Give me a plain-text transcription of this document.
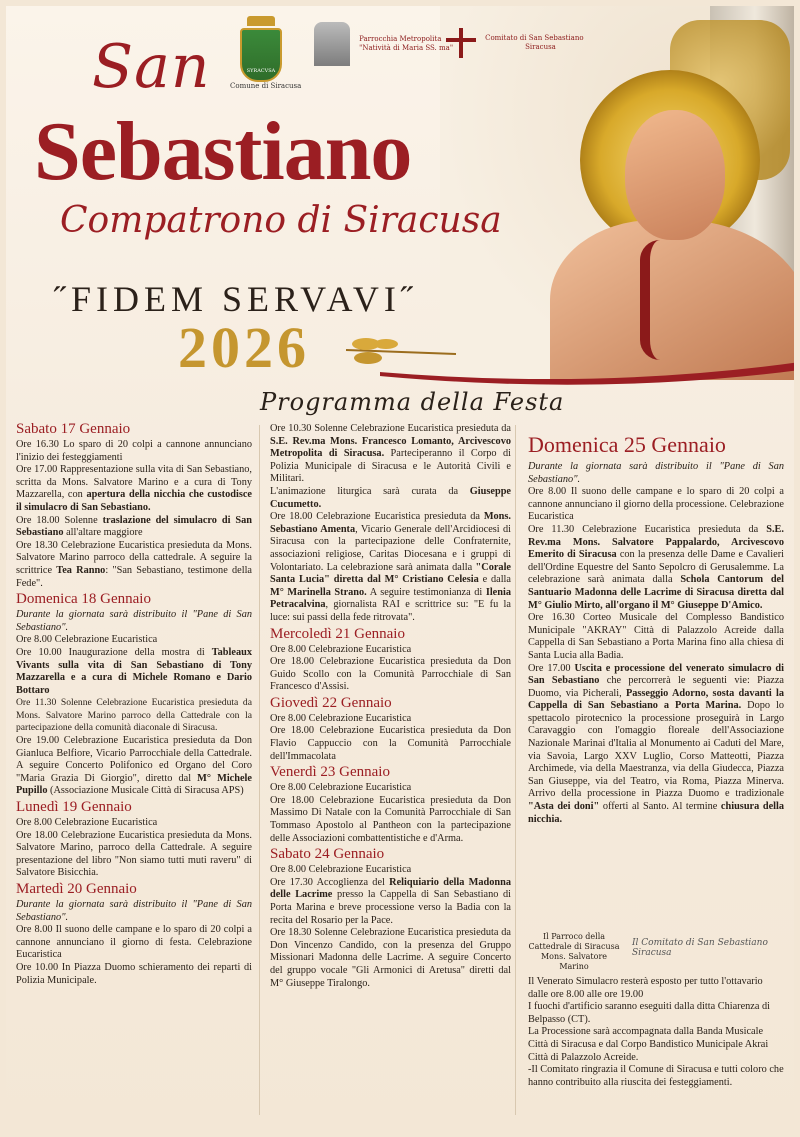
SYRACVSA
Comune di Siracusa
Parrocchia Metropolita
"Natività di Maria SS. ma"
Comitato di San Sebastiano
Siracusa
San
Sebastiano
Compatrono di Siracusa
˝FIDEM SERVAVI˝
2026
Programma della Festa
Sabato 17 Gennaio

Ore 16.30 Lo sparo di 20 colpi a cannone annunciano l'inizio dei festeggiamenti

Ore 17.00 Rappresentazione sulla vita di San Sebastiano, scritta da Mons. Salvatore Marino e a cura di Tony Mazzarella, con apertura della nicchia che custodisce il simulacro di San Sebastiano.

Ore 18.00 Solenne traslazione del simulacro di San Sebastiano all'altare maggiore

Ore 18.30 Celebrazione Eucaristica presieduta da Mons. Salvatore Marino parroco della cattedrale. A seguire la scrittrice Tea Ranno: "San Sebastiano, testimone della Fede".

Domenica 18 Gennaio

Durante la giornata sarà distribuito il "Pane di San Sebastiano".

Ore 8.00 Celebrazione Eucaristica

Ore 10.00 Inaugurazione della mostra di Tableaux Vivants sulla vita di San Sebastiano di Tony Mazzarella e a cura di Michele Romano e Dario Bottaro

Ore 11.30 Solenne Celebrazione Eucaristica presieduta da Mons. Salvatore Marino parroco della Cattedrale con la partecipazione della comunità diaconale di Siracusa.

Ore 19.00 Celebrazione Eucaristica presieduta da Don Gianluca Belfiore, Vicario Parrocchiale della Cattedrale. A seguire Concerto Polifonico ed Organo del Coro "Maria Grazia Di Giorgio", diretto dal M° Michele Pupillo (Associazione Musicale Città di Siracusa APS)

Lunedì 19 Gennaio

Ore 8.00 Celebrazione Eucaristica

Ore 18.00 Celebrazione Eucaristica presieduta da Mons. Salvatore Marino, parroco della Cattedrale. A seguire presentazione del libro "Non siamo tutti muti raveru" di Salvatore Bisicchia.

Martedì 20 Gennaio

Durante la giornata sarà distribuito il "Pane di San Sebastiano".

Ore 8.00 Il suono delle campane e lo sparo di 20 colpi a cannone annunciano il giorno di festa. Celebrazione Eucaristica

Ore 10.00 In Piazza Duomo schieramento dei reparti di Polizia Municipale.

Ore 10.30 Solenne Celebrazione Eucaristica presieduta da S.E. Rev.ma Mons. Francesco Lomanto, Arcivescovo Metropolita di Siracusa. Parteciperanno il Corpo di Polizia Municipale di Siracusa e le Autorità Civili e Militari.

L'animazione liturgica sarà curata da Giuseppe Cucumetto.

Ore 18.00 Celebrazione Eucaristica presieduta da Mons. Sebastiano Amenta, Vicario Generale dell'Arcidiocesi di Siracusa con la partecipazione delle Confraternite, associazioni religiose, Caritas Diocesana e i gruppi di Volontariato. La celebrazione sarà animata dalla "Corale Santa Lucia" diretta dal M° Cristiano Celesia e dalla M° Marinella Strano. A seguire testimonianza di Ilenia Petracalvina, giornalista RAI e scrittrice su: "E fu la luce: sui passi della fede ritrovata".

Mercoledì 21 Gennaio

Ore 8.00 Celebrazione Eucaristica

Ore 18.00 Celebrazione Eucaristica presieduta da Don Guido Scollo con la Comunità Parrocchiale di San Francesco d'Assisi.

Giovedì 22 Gennaio

Ore 8.00 Celebrazione Eucaristica

Ore 18.00 Celebrazione Eucaristica presieduta da Don Flavio Cappuccio con la Comunità Parrocchiale dell'Immacolata

Venerdì 23 Gennaio

Ore 8.00 Celebrazione Eucaristica

Ore 18.00 Celebrazione Eucaristica presieduta da Don Massimo Di Natale con la Comunità Parrocchiale di San Tommaso Apostolo al Pantheon con la partecipazione delle Associazioni combattentistiche e d'Arma.

Sabato 24 Gennaio

Ore 8.00 Celebrazione Eucaristica

Ore 17.30 Accoglienza del Reliquiario della Madonna delle Lacrime presso la Cappella di San Sebastiano di Porta Marina e breve processione verso la Badia con la recita del Rosario per la Pace.

Ore 18.30 Solenne Celebrazione Eucaristica presieduta da Don Vincenzo Candido, con la presenza del Gruppo Missionari Madonna delle Lacrime. A seguire Concerto del gruppo vocale "Gli Armonici di Aretusa" diretti dal M° Giuseppe Tiralongo.

Domenica 25 Gennaio

Durante la giornata sarà distribuito il "Pane di San Sebastiano".

Ore 8.00 Il suono delle campane e lo sparo di 20 colpi a cannone annunciano il giorno della processione. Celebrazione Eucaristica

Ore 11.30 Celebrazione Eucaristica presieduta da S.E. Rev.ma Mons. Salvatore Pappalardo, Arcivescovo Emerito di Siracusa con la presenza delle Dame e Cavalieri dell'Ordine Equestre del Santo Sepolcro di Gerusalemme. La celebrazione sarà animata dalla Schola Cantorum del Santuario Madonna delle Lacrime di Siracusa diretta dal M° Giulio Mirto, all'organo il M° Giuseppe D'Amico.

Ore 16.30 Corteo Musicale del Complesso Bandistico Municipale "AKRAY" Città di Palazzolo Acreide dalla Cappella di San Sebastiano a Porta Marina fino alla chiesa di Santa Lucia alla Badia.

Ore 17.00 Uscita e processione del venerato simulacro di San Sebastiano che percorrerà le seguenti vie: Piazza Duomo, via Picherali, Passeggio Adorno, sosta davanti la Cappella di San Sebastiano a Porta Marina. Dopo lo spettacolo pirotecnico la processione proseguirà in Largo Caravaggio con l'omaggio floreale dell'Associazione Nazionale Marinai d'Italia al Monumento ai Caduti del Mare, via Savoia, Largo XXV Luglio, Corso Matteotti, Piazza Archimede, via della Maestranza, via della Giudecca, Piazza San Giuseppe, via del Teatro, via Roma, Piazza Minerva. Arrivo della processione in Piazza Duomo e tradizionale "Asta dei doni" offerti al Santo. Al termine chiusura della nicchia.

Il Parroco della
Cattedrale di Siracusa
Mons. Salvatore Marino
Il Comitato di San Sebastiano Siracusa

Il Venerato Simulacro resterà esposto per tutto l'ottavario dalle ore 8.00 alle ore 19.00

I fuochi d'artificio saranno eseguiti dalla ditta Chiarenza di Belpasso (CT).

La Processione sarà accompagnata dalla Banda Musicale Città di Siracusa e dal Corpo Bandistico Municipale Akrai Città di Palazzolo Acreide.

-Il Comitato ringrazia il Comune di Siracusa e tutti coloro che hanno contribuito alla riuscita dei festeggiamenti.
